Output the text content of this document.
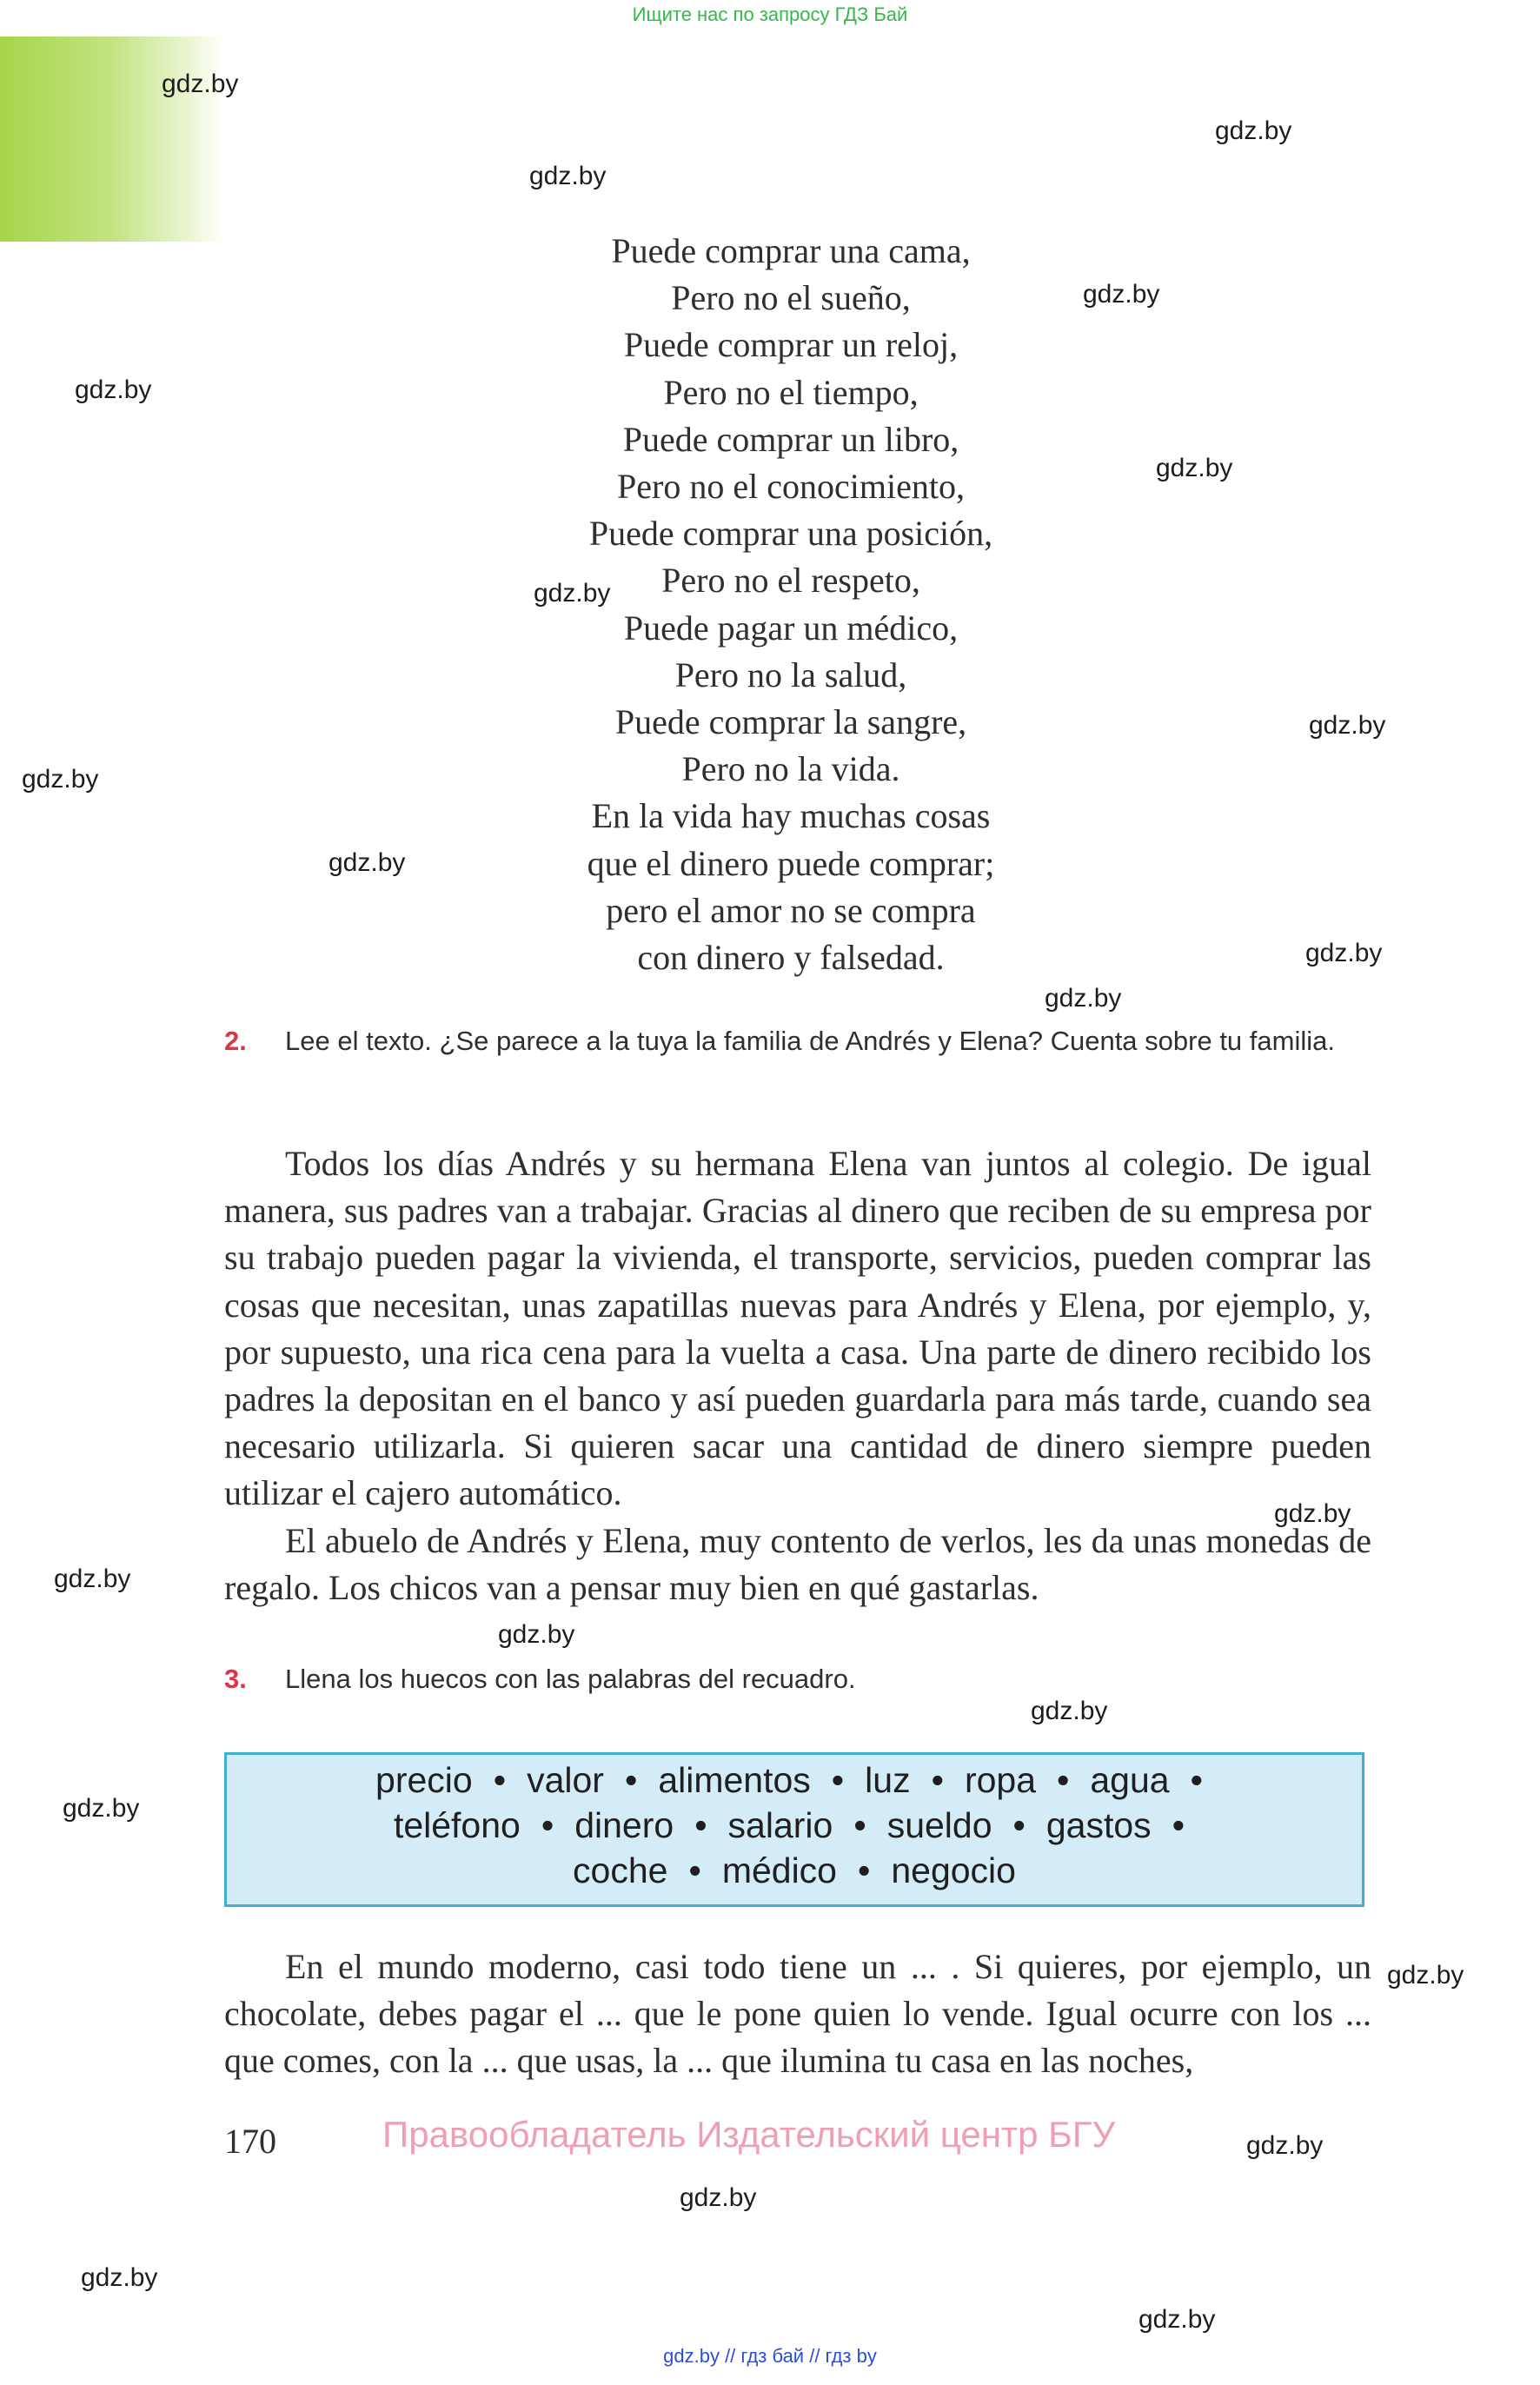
Ищите нас по запросу ГДЗ Бай
gdz.by
gdz.by
gdz.by
gdz.by
gdz.by
gdz.by
gdz.by
gdz.by
gdz.by
gdz.by
gdz.by
gdz.by
gdz.by
gdz.by
gdz.by
gdz.by
gdz.by
gdz.by
gdz.by
gdz.by
gdz.by
gdz.by
Puede comprar una cama,
Pero no el sueño,
Puede comprar un reloj,
Pero no el tiempo,
Puede comprar un libro,
Pero no el conocimiento,
Puede comprar una posición,
Pero no el respeto,
Puede pagar un médico,
Pero no la salud,
Puede comprar la sangre,
Pero no la vida.
En la vida hay muchas cosas
que el dinero puede comprar;
pero el amor no se compra
con dinero y falsedad.
2. Lee el texto. ¿Se parece a la tuya la familia de Andrés y Elena? Cuenta sobre tu familia.

Todos los días Andrés y su hermana Elena van juntos al colegio. De igual manera, sus padres van a trabajar. Gracias al dinero que reciben de su empresa por su trabajo pueden pagar la vivienda, el transporte, servicios, pueden comprar las cosas que necesitan, unas zapatillas nuevas para Andrés y Elena, por ejemplo, y, por supuesto, una rica cena para la vuelta a casa. Una parte de dinero recibido los padres la depositan en el banco y así pueden guardarla para más tarde, cuando sea necesario utilizarla. Si quieren sacar una cantidad de dinero siempre pueden utilizar el cajero automático.

El abuelo de Andrés y Elena, muy contento de verlos, les da unas monedas de regalo. Los chicos van a pensar muy bien en qué gastarlas.

3. Llena los huecos con las palabras del recuadro.
precio • valor • alimentos • luz • ropa • agua •
teléfono • dinero • salario • sueldo • gastos •
coche • médico • negocio

En el mundo moderno, casi todo tiene un ... . Si quieres, por ejemplo, un chocolate, debes pagar el ... que le pone quien lo vende. Igual ocurre con los ... que comes, con la ... que usas, la ... que ilumina tu casa en las noches,

170	Правообладатель Издательский центр БГУ
gdz.by // гдз бай // гдз by
